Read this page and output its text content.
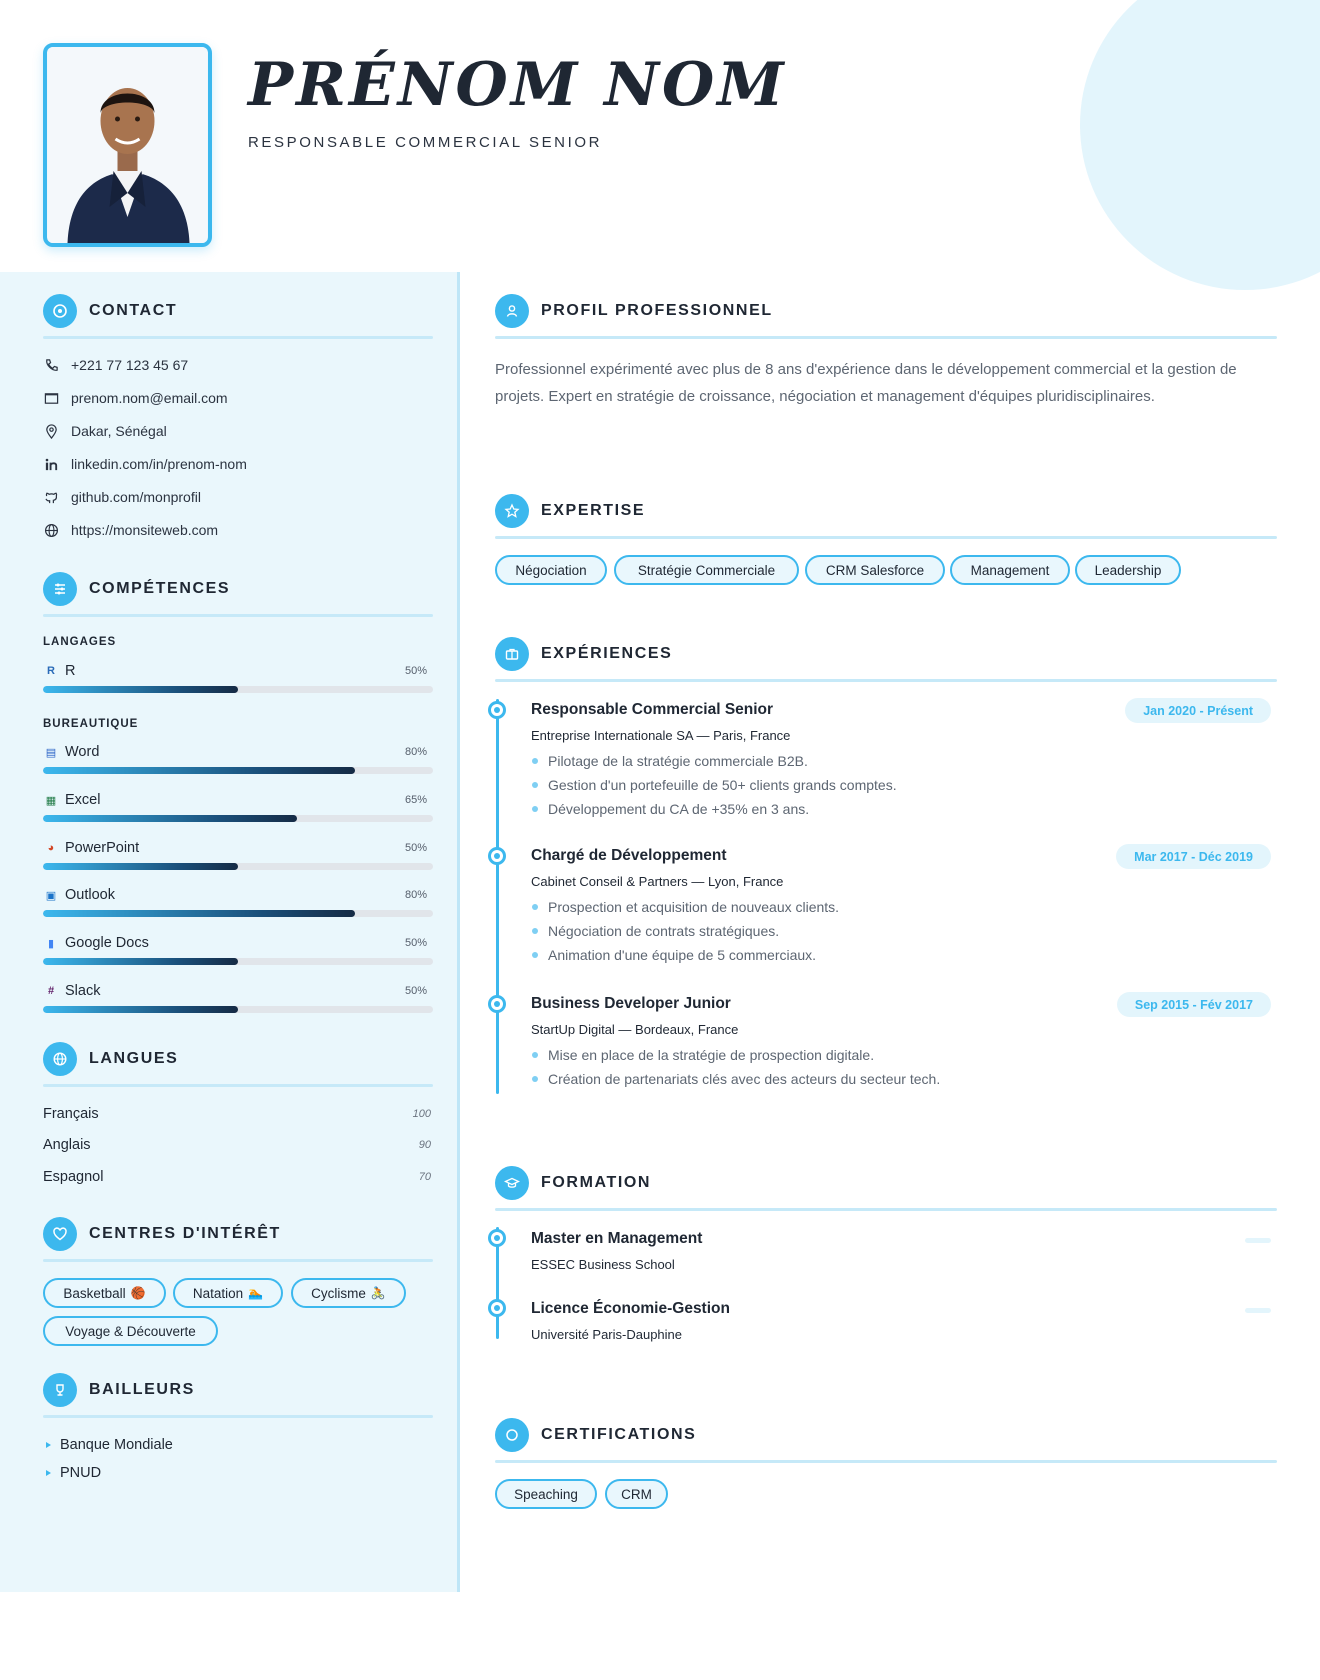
PRÉNOM NOM
RESPONSABLE COMMERCIAL SENIOR
CONTACT
+221 77 123 45 67
prenom.nom@email.com
Dakar, Sénégal
linkedin.com/in/prenom-nom
github.com/monprofil
https://monsiteweb.com
COMPÉTENCES
LANGAGES
R R	50%
BUREAUTIQUE
▤ Word	80%
▦ Excel	65%
◕ PowerPoint	50%
▣ Outlook	80%
▮ Google Docs	50%
# Slack	50%
LANGUES
Français	100
Anglais	90
Espagnol	70
CENTRES D'INTÉRÊT
Basketball 🏀	Natation 🏊	Cyclisme 🚴
Voyage & Découverte
BAILLEURS
Banque Mondiale
PNUD
PROFIL PROFESSIONNEL
Professionnel expérimenté avec plus de 8 ans d'expérience dans le développement commercial et la gestion de projets. Expert en stratégie de croissance, négociation et management d'équipes pluridisciplinaires.
EXPERTISE
Négociation	Stratégie Commerciale	CRM Salesforce	Management	Leadership
EXPÉRIENCES
Responsable Commercial Senior
Entreprise Internationale SA — Paris, France
Pilotage de la stratégie commerciale B2B.
Gestion d'un portefeuille de 50+ clients grands comptes.
Développement du CA de +35% en 3 ans.
Jan 2020 - Présent
Chargé de Développement
Cabinet Conseil & Partners — Lyon, France
Prospection et acquisition de nouveaux clients.
Négociation de contrats stratégiques.
Animation d'une équipe de 5 commerciaux.
Mar 2017 - Déc 2019
Business Developer Junior
StartUp Digital — Bordeaux, France
Mise en place de la stratégie de prospection digitale.
Création de partenariats clés avec des acteurs du secteur tech.
Sep 2015 - Fév 2017
FORMATION
Master en Management
ESSEC Business School
Licence Économie-Gestion
Université Paris-Dauphine
CERTIFICATIONS
Speaching	CRM
